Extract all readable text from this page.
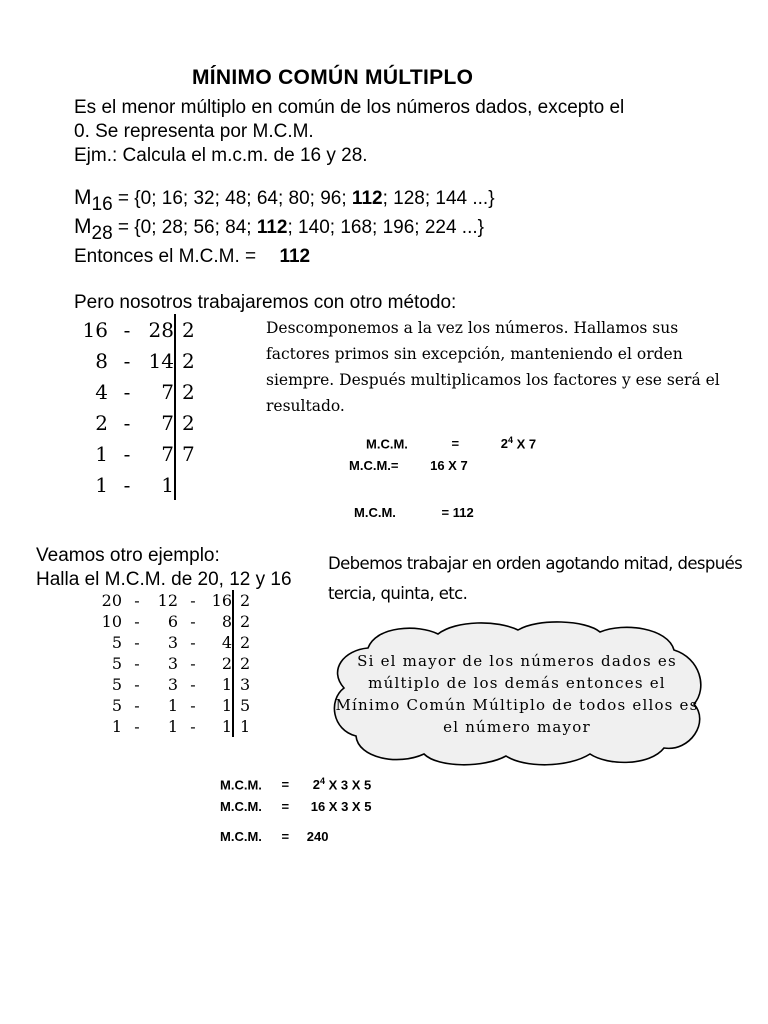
MÍNIMO COMÚN MÚLTIPLO
Es el menor múltiplo en común de los números dados, excepto el
0. Se representa por M.C.M.
Ejm.: Calcula el m.c.m. de 16 y 28.
M16 = {0; 16; 32; 48; 64; 80; 96; 112; 128; 144 ...}
M28 = {0; 28; 56; 84; 112; 140; 168; 196; 224 ...}
Entonces el M.C.M. = 112
Pero nosotros trabajaremos con otro método:
16	-	28	2
8	-	14	2
4	-	7	2
2	-	7	2
1	-	7	7
1	-	1	
Descomponemos a la vez los números. Hallamos sus factores primos sin excepción, manteniendo el orden siempre. Después multiplicamos los factores y ese será el resultado.
M.C.M.	=	$2^4$ X 7
M.C.M.= 16 X 7
M.C.M.	= 112
Veamos otro ejemplo:
Halla el M.C.M. de 20, 12 y 16
Debemos trabajar en orden agotando mitad, después tercia, quinta, etc.
20	-	12	-	16	2
10	-	6	-	8	2
5	-	3	-	4	2
5	-	3	-	2	2
5	-	3	-	1	3
5	-	1	-	1	5
1	-	1	-	1	1
Si el mayor de los números dados es múltiplo de los demás entonces el Mínimo Común Múltiplo de todos ellos es el número mayor
M.C.M. = $2^4$ X 3 X 5
M.C.M. = 16 X 3 X 5
M.C.M. = 240
